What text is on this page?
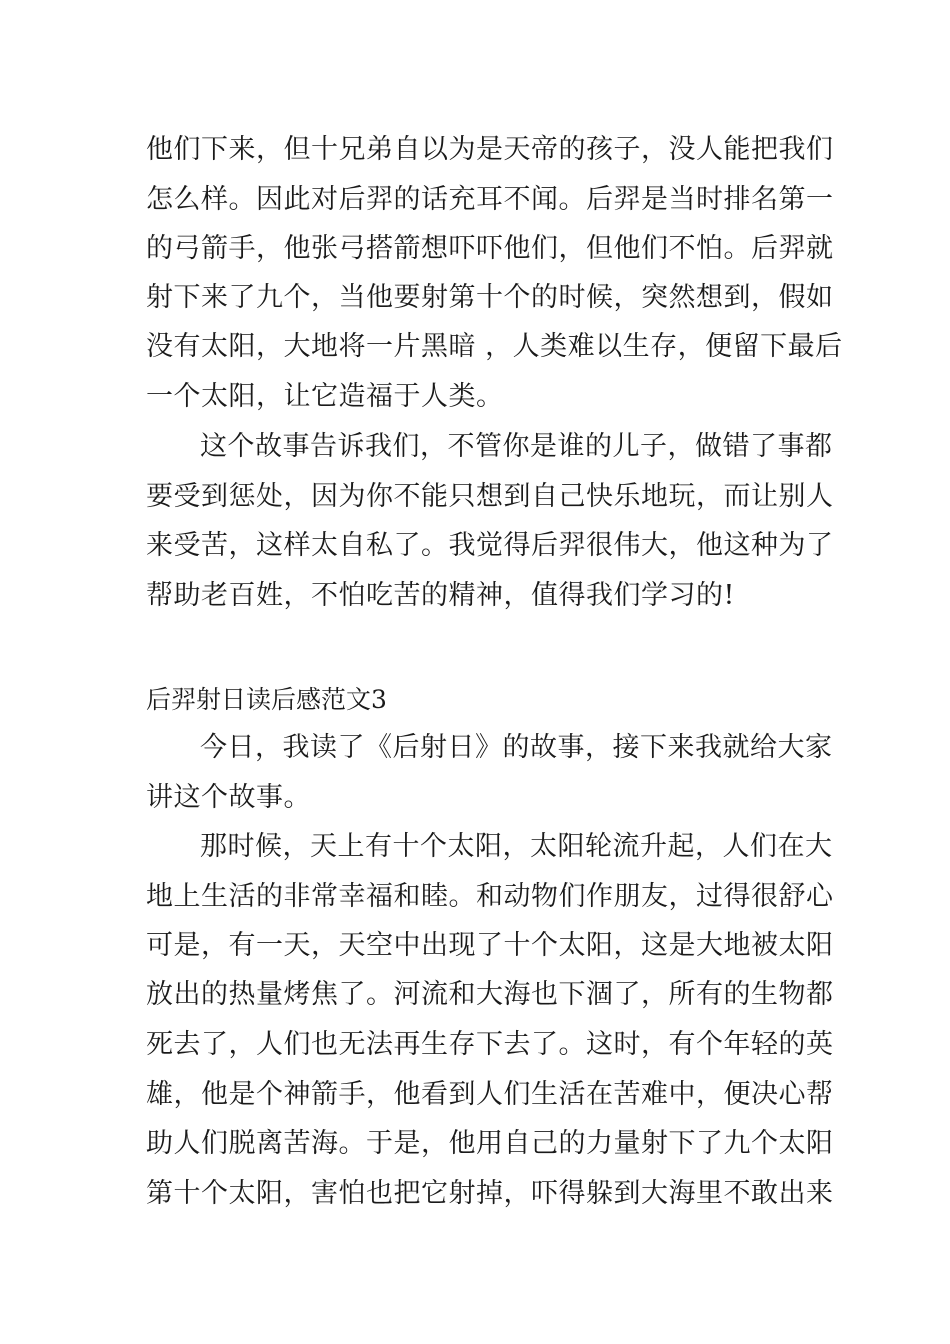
他们下来，但十兄弟自以为是天帝的孩子，没人能把我们
怎么样。因此对后羿的话充耳不闻。后羿是当时排名第一
的弓箭手，他张弓搭箭想吓吓他们，但他们不怕。后羿就
射下来了九个，当他要射第十个的时候，突然想到，假如
没有太阳，大地将一片黑暗 ，人类难以生存，便留下最后
一个太阳，让它造福于人类。
这个故事告诉我们，不管你是谁的儿子，做错了事都
要受到惩处，因为你不能只想到自己快乐地玩，而让别人
来受苦，这样太自私了。我觉得后羿很伟大，他这种为了
帮助老百姓，不怕吃苦的精神，值得我们学习的!
后羿射日读后感范文3
今日，我读了《后射日》的故事，接下来我就给大家
讲这个故事。
那时候，天上有十个太阳，太阳轮流升起，人们在大
地上生活的非常幸福和睦。和动物们作朋友，过得很舒心
可是，有一天，天空中出现了十个太阳，这是大地被太阳
放出的热量烤焦了。河流和大海也下涸了，所有的生物都
死去了，人们也无法再生存下去了。这时，有个年轻的英
雄，他是个神箭手，他看到人们生活在苦难中，便决心帮
助人们脱离苦海。于是，他用自己的力量射下了九个太阳
第十个太阳，害怕也把它射掉，吓得躲到大海里不敢出来
